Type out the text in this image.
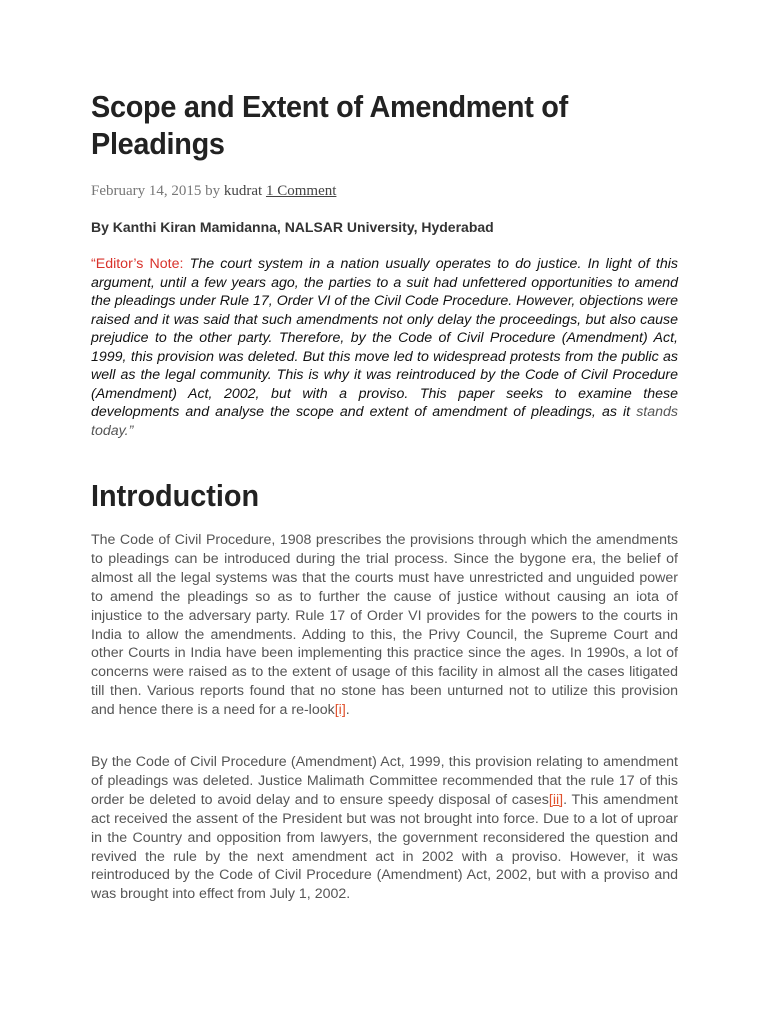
Scope and Extent of Amendment of
Pleadings
February 14, 2015 by kudrat 1 Comment
By Kanthi Kiran Mamidanna, NALSAR University, Hyderabad

“Editor’s Note: The court system in a nation usually operates to do justice. In light of this argument, until a few years ago, the parties to a suit had unfettered opportunities to amend the pleadings under Rule 17, Order VI of the Civil Code Procedure. However, objections were raised and it was said that such amendments not only delay the proceedings, but also cause prejudice to the other party. Therefore, by the Code of Civil Procedure (Amendment) Act, 1999, this provision was deleted. But this move led to widespread protests from the public as well as the legal community. This is why it was reintroduced by the Code of Civil Procedure (Amendment) Act, 2002, but with a proviso. This paper seeks to examine these developments and analyse the scope and extent of amendment of pleadings, as it stands today.”

Introduction

The Code of Civil Procedure, 1908 prescribes the provisions through which the amendments to pleadings can be introduced during the trial process. Since the bygone era, the belief of almost all the legal systems was that the courts must have unrestricted and unguided power to amend the pleadings so as to further the cause of justice without causing an iota of injustice to the adversary party. Rule 17 of Order VI provides for the powers to the courts in India to allow the amendments. Adding to this, the Privy Council, the Supreme Court and other Courts in India have been implementing this practice since the ages. In 1990s, a lot of concerns were raised as to the extent of usage of this facility in almost all the cases litigated till then. Various reports found that no stone has been unturned not to utilize this provision and hence there is a need for a re-look[i].

By the Code of Civil Procedure (Amendment) Act, 1999, this provision relating to amendment of pleadings was deleted. Justice Malimath Committee recommended that the rule 17 of this order be deleted to avoid delay and to ensure speedy disposal of cases[ii]. This amendment act received the assent of the President but was not brought into force. Due to a lot of uproar in the Country and opposition from lawyers, the government reconsidered the question and revived the rule by the next amendment act in 2002 with a proviso. However, it was reintroduced by the Code of Civil Procedure (Amendment) Act, 2002, but with a proviso and was brought into effect from July 1, 2002.
